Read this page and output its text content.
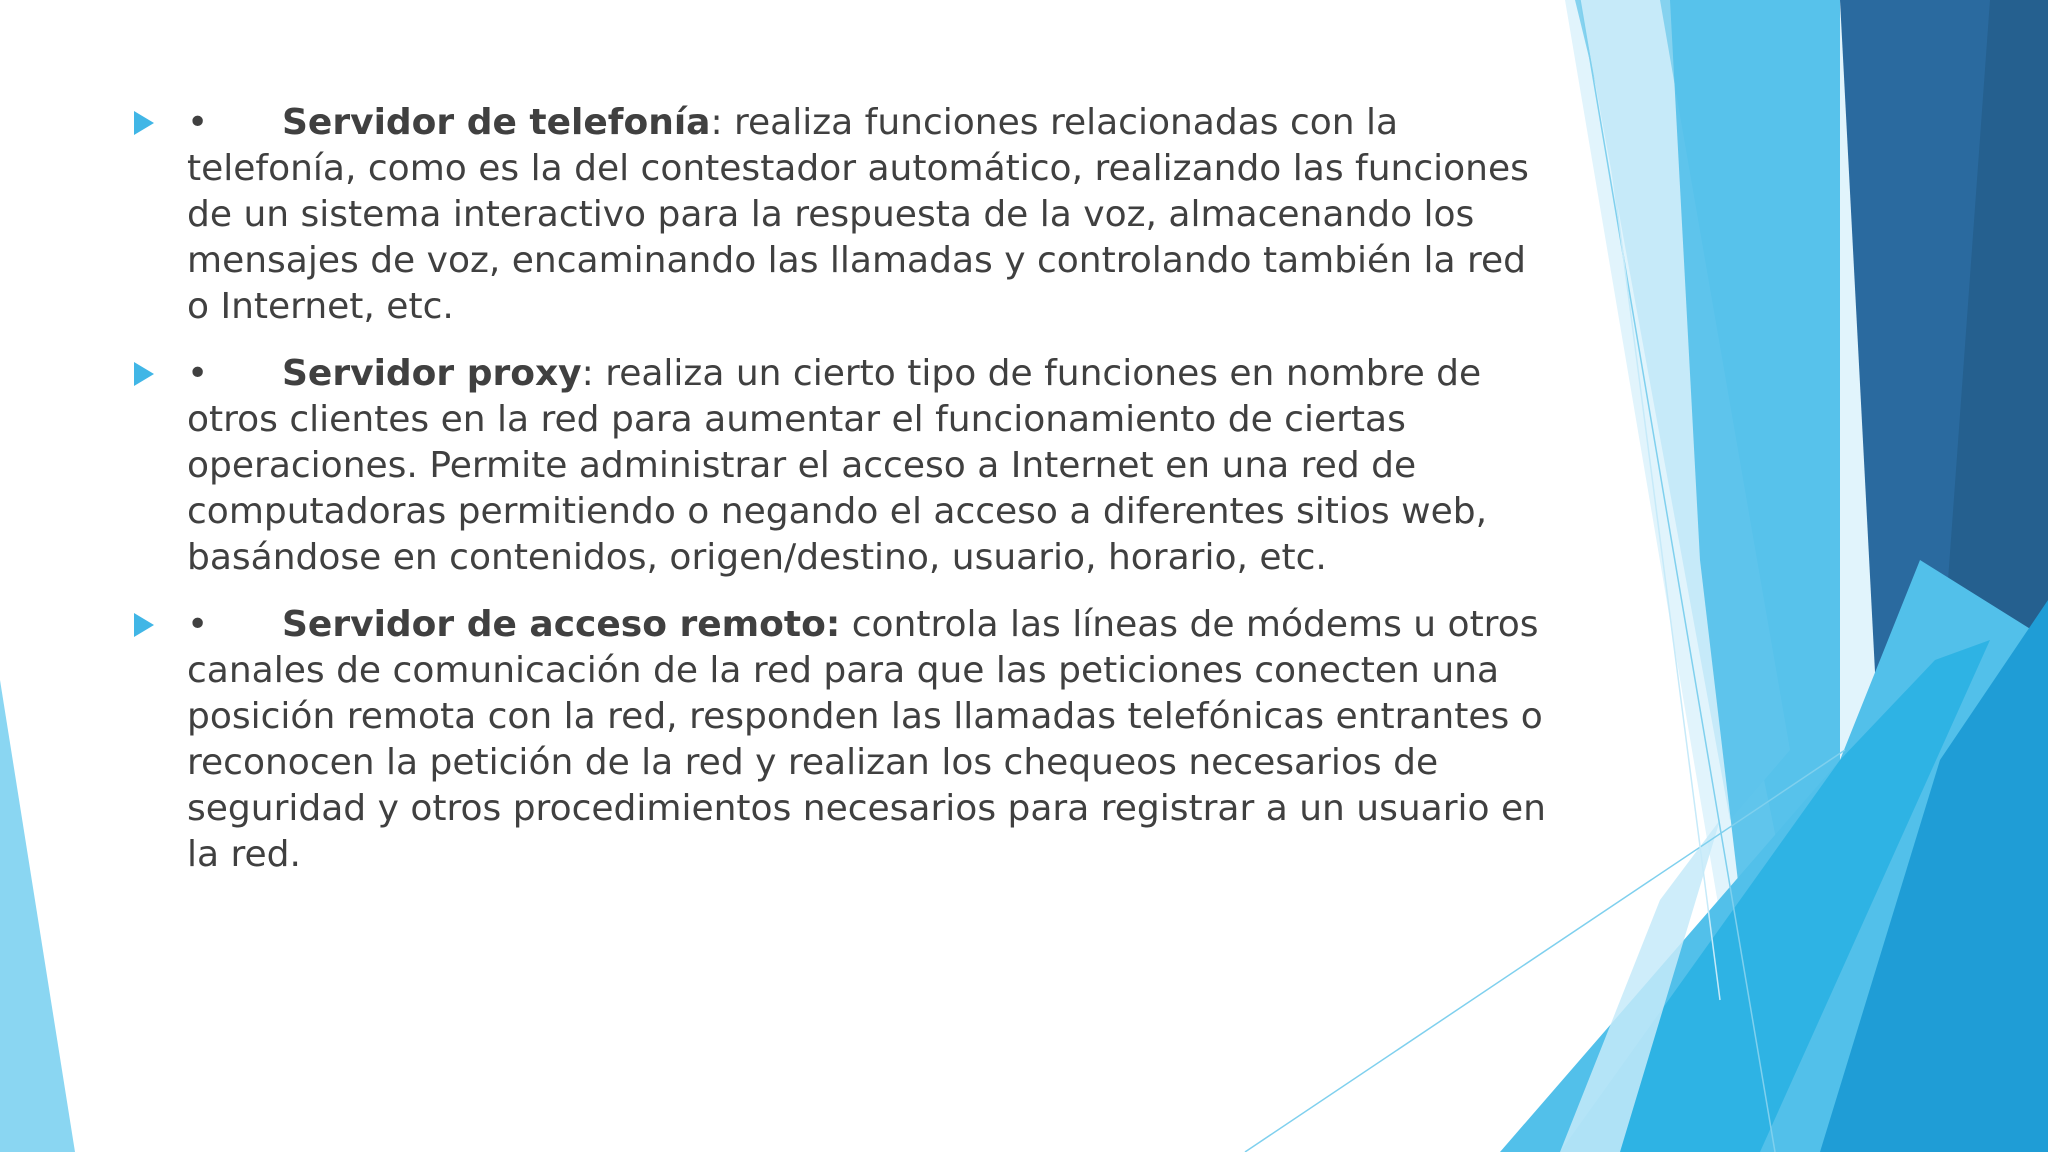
• Servidor de telefonía: realiza funciones relacionadas con la telefonía, como es la del contestador automático, realizando las funciones de un sistema interactivo para la respuesta de la voz, almacenando los mensajes de voz, encaminando las llamadas y controlando también la red o Internet, etc.
• Servidor proxy: realiza un cierto tipo de funciones en nombre de otros clientes en la red para aumentar el funcionamiento de ciertas operaciones. Permite administrar el acceso a Internet en una red de computadoras permitiendo o negando el acceso a diferentes sitios web, basándose en contenidos, origen/destino, usuario, horario, etc.
• Servidor de acceso remoto: controla las líneas de módems u otros canales de comunicación de la red para que las peticiones conecten una posición remota con la red, responden las llamadas telefónicas entrantes o reconocen la petición de la red y realizan los chequeos necesarios de seguridad y otros procedimientos necesarios para registrar a un usuario en la red.
